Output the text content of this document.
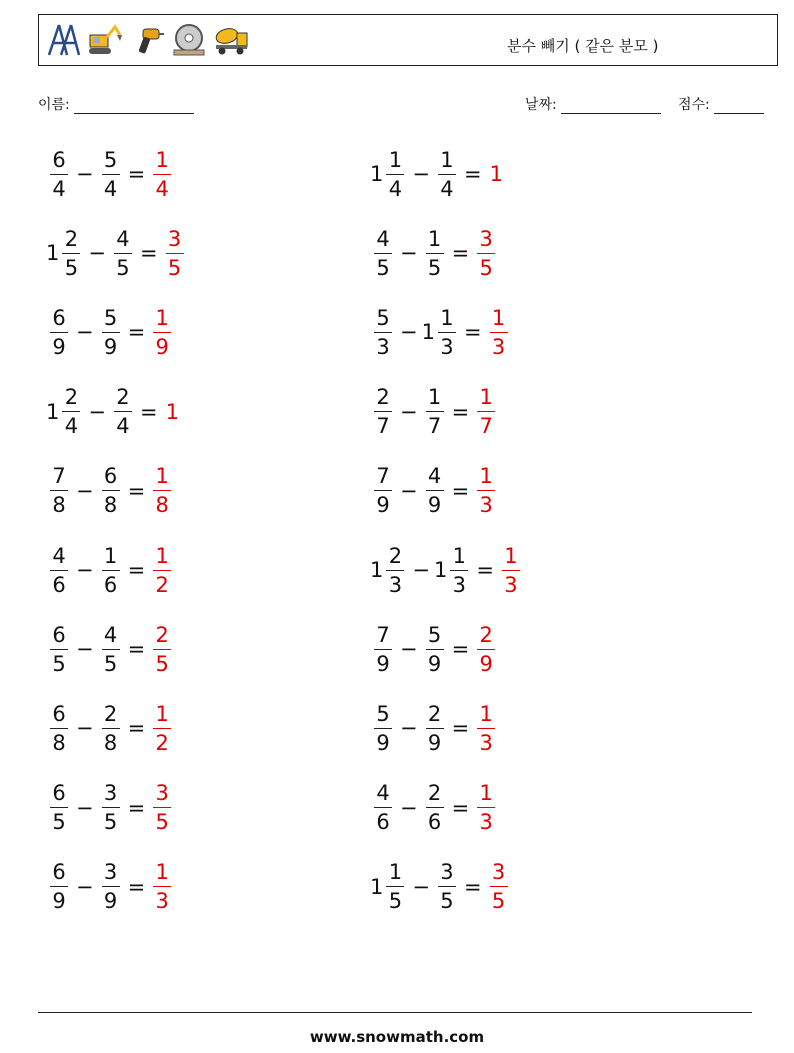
분수 빼기 ( 같은 분모 )
이름:	날짜:	점수:
$\frac{6}{4} - \frac{5}{4} = \frac{1}{4}$
$1 \frac{2}{5} - \frac{4}{5} = \frac{3}{5}$
$\frac{6}{9} - \frac{5}{9} = \frac{1}{9}$
$1 \frac{2}{4} - \frac{2}{4} = 1$
$\frac{7}{8} - \frac{6}{8} = \frac{1}{8}$
$\frac{4}{6} - \frac{1}{6} = \frac{1}{2}$
$\frac{6}{5} - \frac{4}{5} = \frac{2}{5}$
$\frac{6}{8} - \frac{2}{8} = \frac{1}{2}$
$\frac{6}{5} - \frac{3}{5} = \frac{3}{5}$
$\frac{6}{9} - \frac{3}{9} = \frac{1}{3}$
$1 \frac{1}{4} - \frac{1}{4} = 1$
$\frac{4}{5} - \frac{1}{5} = \frac{3}{5}$
$\frac{5}{3} - 1 \frac{1}{3} = \frac{1}{3}$
$\frac{2}{7} - \frac{1}{7} = \frac{1}{7}$
$\frac{7}{9} - \frac{4}{9} = \frac{1}{3}$
$1 \frac{2}{3} - 1 \frac{1}{3} = \frac{1}{3}$
$\frac{7}{9} - \frac{5}{9} = \frac{2}{9}$
$\frac{5}{9} - \frac{2}{9} = \frac{1}{3}$
$\frac{4}{6} - \frac{2}{6} = \frac{1}{3}$
$1 \frac{1}{5} - \frac{3}{5} = \frac{3}{5}$
www.snowmath.com
